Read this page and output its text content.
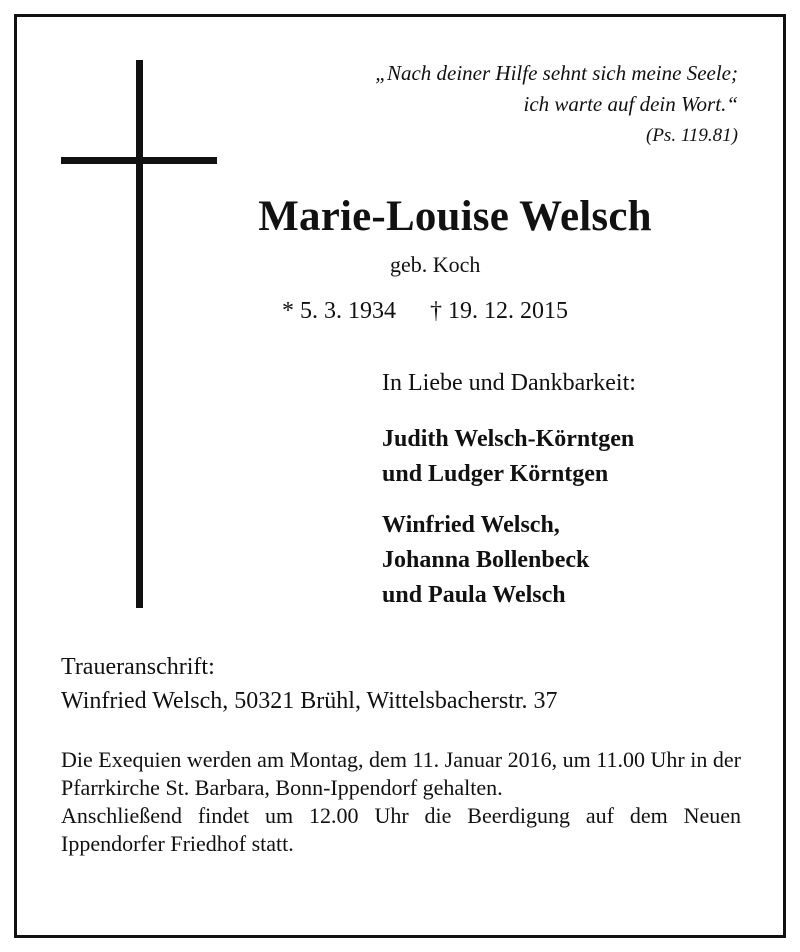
„Nach deiner Hilfe sehnt sich meine Seele;
ich warte auf dein Wort.“
(Ps. 119.81)
Marie-Louise Welsch
geb. Koch
* 5. 3. 1934 † 19. 12. 2015
In Liebe und Dankbarkeit:
Judith Welsch-Körntgen
und Ludger Körntgen
Winfried Welsch,
Johanna Bollenbeck
und Paula Welsch
Traueranschrift:
Winfried Welsch, 50321 Brühl, Wittelsbacherstr. 37

Die Exequien werden am Montag, dem 11. Januar 2016, um 11.00 Uhr in der Pfarrkirche St. Barbara, Bonn-Ippendorf gehalten.

Anschließend findet um 12.00 Uhr die Beerdigung auf dem Neuen Ippendorfer Friedhof statt.
